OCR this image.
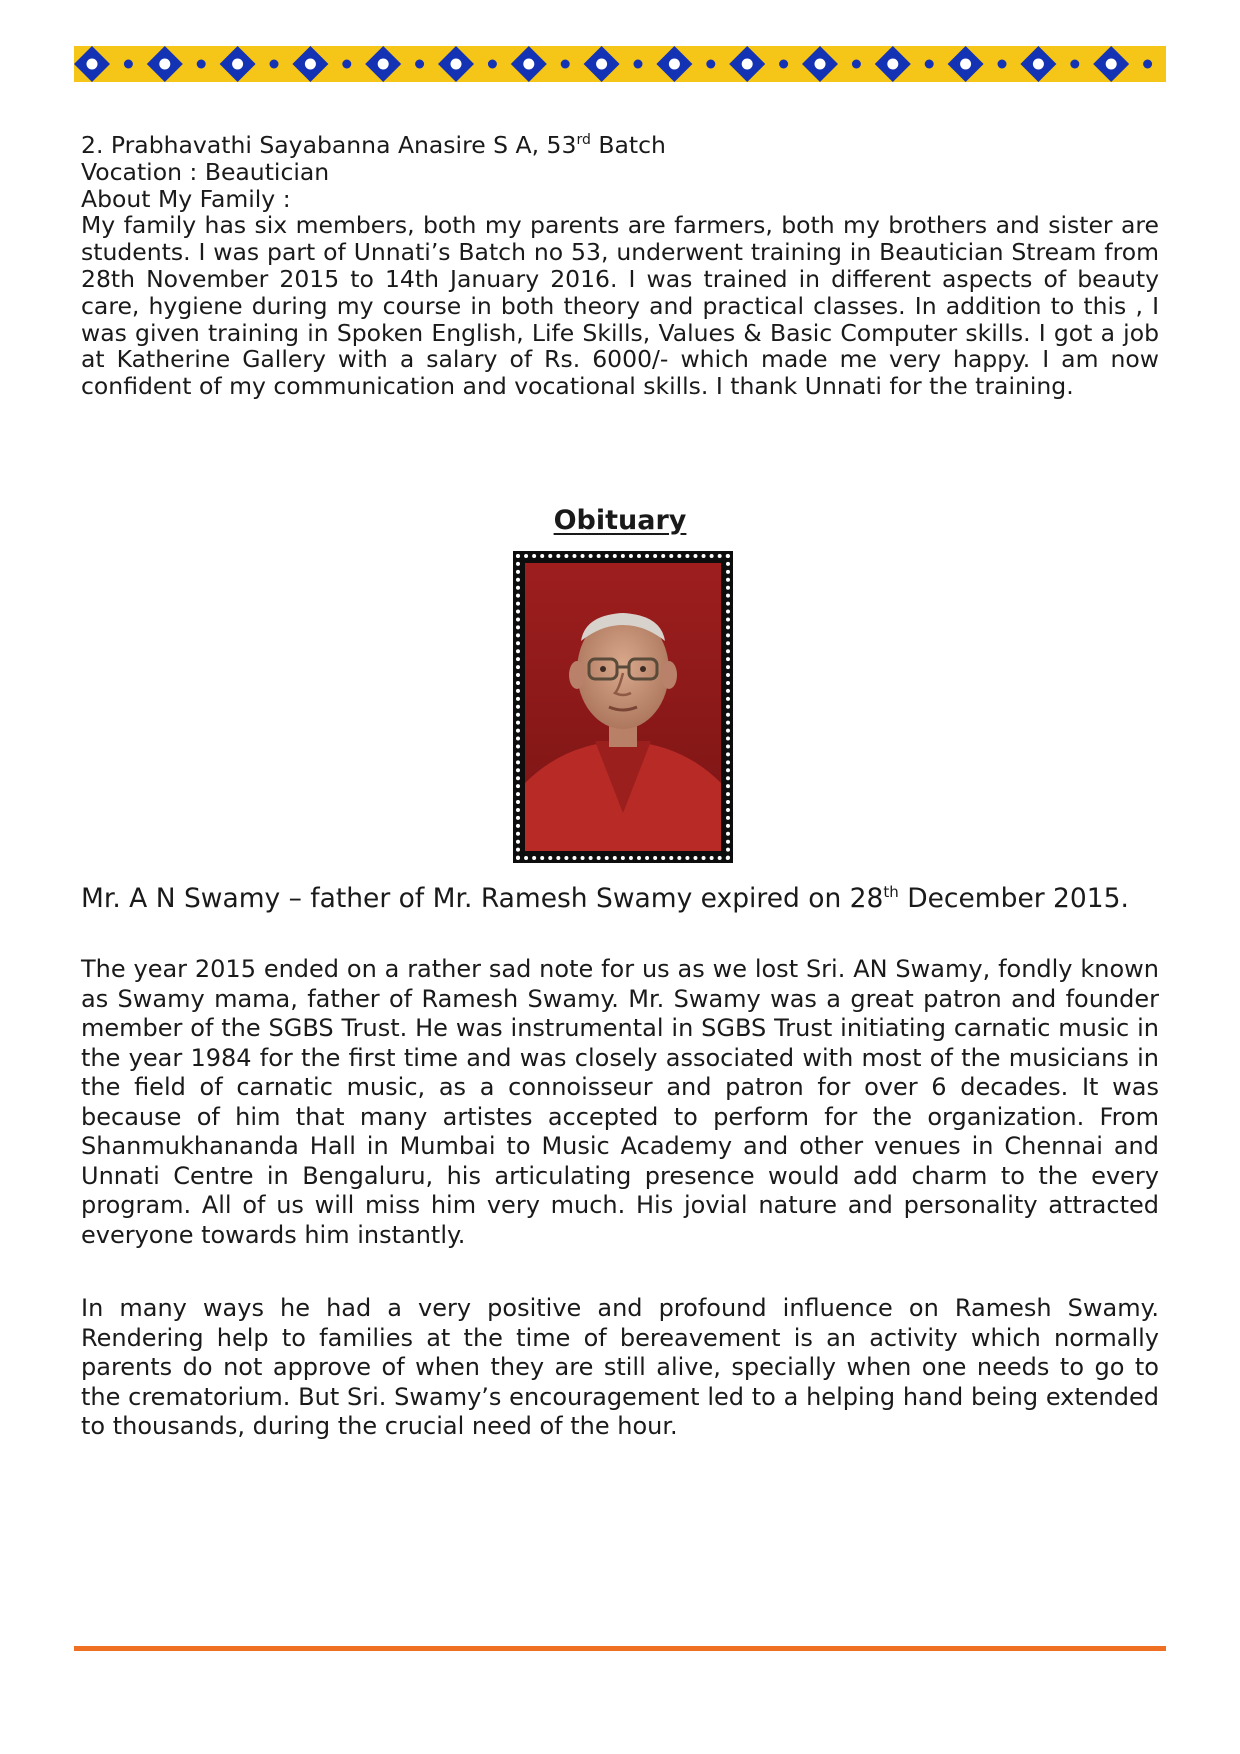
2. Prabhavathi Sayabanna Anasire S A, 53rd Batch
Vocation : Beautician
About My Family :
My family has six members, both my parents are farmers, both my brothers and sister are students. I was part of Unnati’s Batch no 53, underwent training in Beautician Stream from 28th November 2015 to 14th January 2016. I was trained in different aspects of beauty care, hygiene during my course in both theory and practical classes. In addition to this , I was given training in Spoken English, Life Skills, Values & Basic Computer skills. I got a job at Katherine Gallery with a salary of Rs. 6000/- which made me very happy. I am now confident of my communication and vocational skills. I thank Unnati for the training.
Obituary
Mr. A N Swamy – father of Mr. Ramesh Swamy expired on 28th December 2015.
The year 2015 ended on a rather sad note for us as we lost Sri. AN Swamy, fondly known as Swamy mama, father of Ramesh Swamy. Mr. Swamy was a great patron and founder member of the SGBS Trust. He was instrumental in SGBS Trust initiating carnatic music in the year 1984 for the first time and was closely associated with most of the musicians in the field of carnatic music, as a connoisseur and patron for over 6 decades. It was because of him that many artistes accepted to perform for the organization. From Shanmukhananda Hall in Mumbai to Music Academy and other venues in Chennai and Unnati Centre in Bengaluru, his articulating presence would add charm to the every program. All of us will miss him very much. His jovial nature and personality attracted everyone towards him instantly.
In many ways he had a very positive and profound influence on Ramesh Swamy. Rendering help to families at the time of bereavement is an activity which normally parents do not approve of when they are still alive, specially when one needs to go to the crematorium. But Sri. Swamy’s encouragement led to a helping hand being extended to thousands, during the crucial need of the hour.
